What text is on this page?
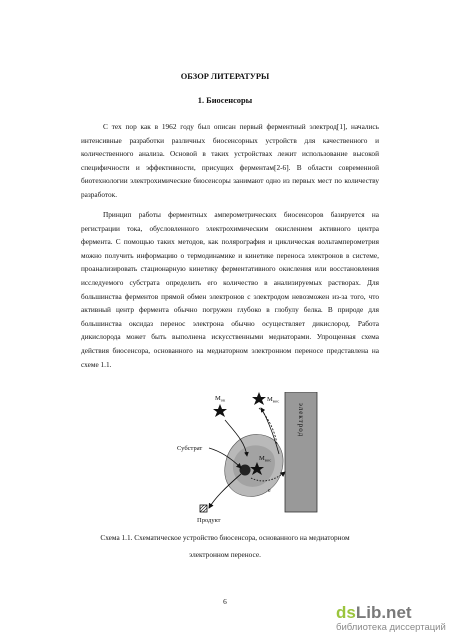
ОБЗОР ЛИТЕРАТУРЫ
1. Биосенсоры

С тех пор как в 1962 году был описан первый ферментный электрод[1], начались интенсивные разработки различных биосенсорных устройств для качественного и количественного анализа. Основой в таких устройствах лежит использование высокой специфичности и эффективности, присущих ферментам[2-6]. В области современной биотехнологии электрохимические биосенсоры занимают одно из первых мест по количеству разработок.

Принцип работы ферментных амперометрических биосенсоров базируется на регистрации тока, обусловленного электрохимическим окислением активного центра фермента. С помощью таких методов, как полярография и циклическая вольтамперометрия можно получить информацию о термодинамике и кинетике переноса электронов в системе, проанализировать стационарную кинетику ферментативного окисления или восстановления исследуемого субстрата определить его количество в анализируемых растворах. Для большинства ферментов прямой обмен электронов с электродом невозможен из-за того, что активный центр фермента обычно погружен глубоко в глобулу белка. В природе для большинства оксидаз перенос электрона обычно осуществляет дикислород. Работа дикислорода может быть выполнена искусственными медиаторами. Упрощенная схема действия биосенсора, основанного на медиаторном электронном переносе представлена на схеме 1.1.

электрод
Субстрат
Продукт
$М_{ок}$	$М_{вос}$
$М_{вос}$
e
Схема 1.1. Схематическое устройство биосенсора, основанного на медиаторном
электронном переносе.
6
dsLib.net
библиотека диссертаций
